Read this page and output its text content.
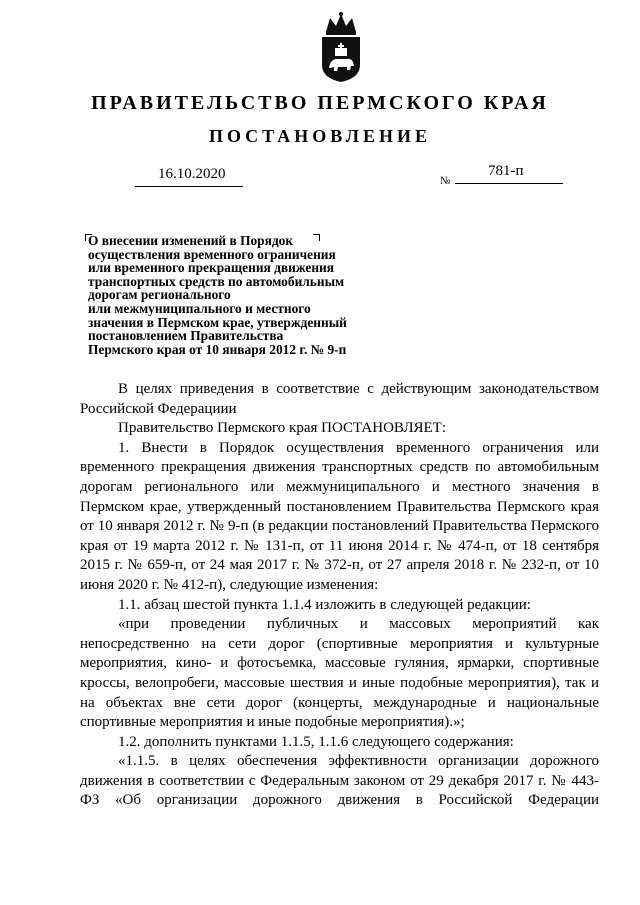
ПРАВИТЕЛЬСТВО ПЕРМСКОГО КРАЯ
ПОСТАНОВЛЕНИЕ
16.10.2020	№
781-п
О внесении изменений в Порядок
осуществления временного ограничения
или временного прекращения движения
транспортных средств по автомобильным
дорогам регионального
или межмуниципального и местного
значения в Пермском крае, утвержденный
постановлением Правительства
Пермского края от 10 января 2012 г. № 9-п

В целях приведения в соответствие с действующим законодательством Российской Федерациии

Правительство Пермского края ПОСТАНОВЛЯЕТ:

1. Внести в Порядок осуществления временного ограничения или временного прекращения движения транспортных средств по автомобильным дорогам регионального или межмуниципального и местного значения в Пермском крае, утвержденный постановлением Правительства Пермского края от 10 января 2012 г. № 9-п (в редакции постановлений Правительства Пермского края от 19 марта 2012 г. № 131-п, от 11 июня 2014 г. № 474-п, от 18 сентября 2015 г. № 659-п, от 24 мая 2017 г. № 372-п, от 27 апреля 2018 г. № 232-п, от 10 июня 2020 г. № 412-п), следующие изменения:

1.1. абзац шестой пункта 1.1.4 изложить в следующей редакции:

«при проведении публичных и массовых мероприятий как непосредственно на сети дорог (спортивные мероприятия и культурные мероприятия, кино- и фотосъемка, массовые гуляния, ярмарки, спортивные кроссы, велопробеги, массовые шествия и иные подобные мероприятия), так и на объектах вне сети дорог (концерты, международные и национальные спортивные мероприятия и иные подобные мероприятия).»;

1.2. дополнить пунктами 1.1.5, 1.1.6 следующего содержания:

«1.1.5. в целях обеспечения эффективности организации дорожного движения в соответствии с Федеральным законом от 29 декабря 2017 г. № 443-ФЗ «Об организации дорожного движения в Российской Федерации
